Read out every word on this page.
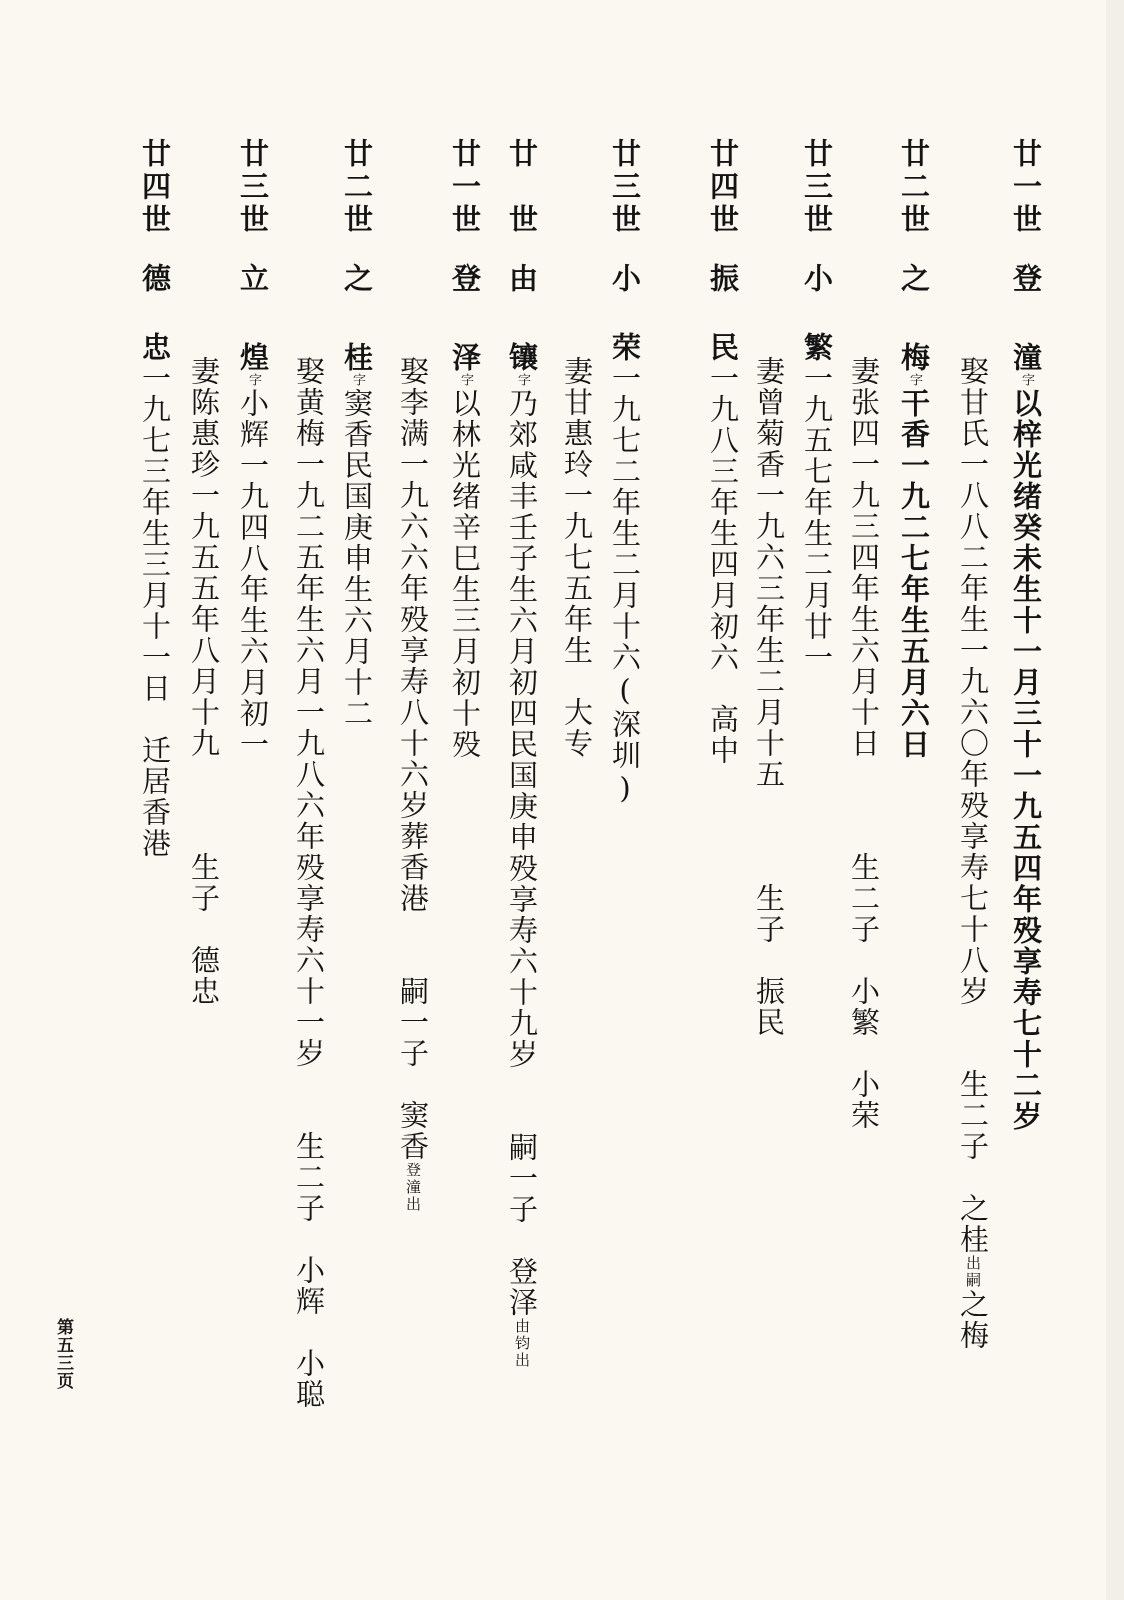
廿一世登潼字以梓光绪癸未生十一月三十一九五四年殁享寿七十二岁
娶甘氏一八八二年生一九六〇年殁享寿七十八岁　　生二子　之桂出嗣之梅
廿二世之梅字干香一九二七年生五月六日
妻张四一九三四年生六月十日　　　生二子　小繁　小荣
廿三世小繁一九五七年生二月廿一
妻曾菊香一九六三年生二月十五　　　生子　振民
廿四世振民一九八三年生四月初六　高中
廿三世小荣一九七二年生二月十六(深圳)
妻甘惠玲一九七五年生　大专
廿　世由镶字乃郊咸丰壬子生六月初四民国庚申殁享寿六十九岁　　嗣一子　登泽由钧出
廿一世登泽字以林光绪辛巳生三月初十殁
娶李满一九六六年殁享寿八十六岁葬香港　　嗣一子　窦香登潼出
廿二世之桂字窦香民国庚申生六月十二
娶黄梅一九二五年生六月一九八六年殁享寿六十一岁　　生二子　小辉　小聪
廿三世立煌字小辉一九四八年生六月初一
妻陈惠珍一九五五年八月十九　　　生子　德忠
廿四世德忠一九七三年生三月十一日　迁居香港
第五三页
